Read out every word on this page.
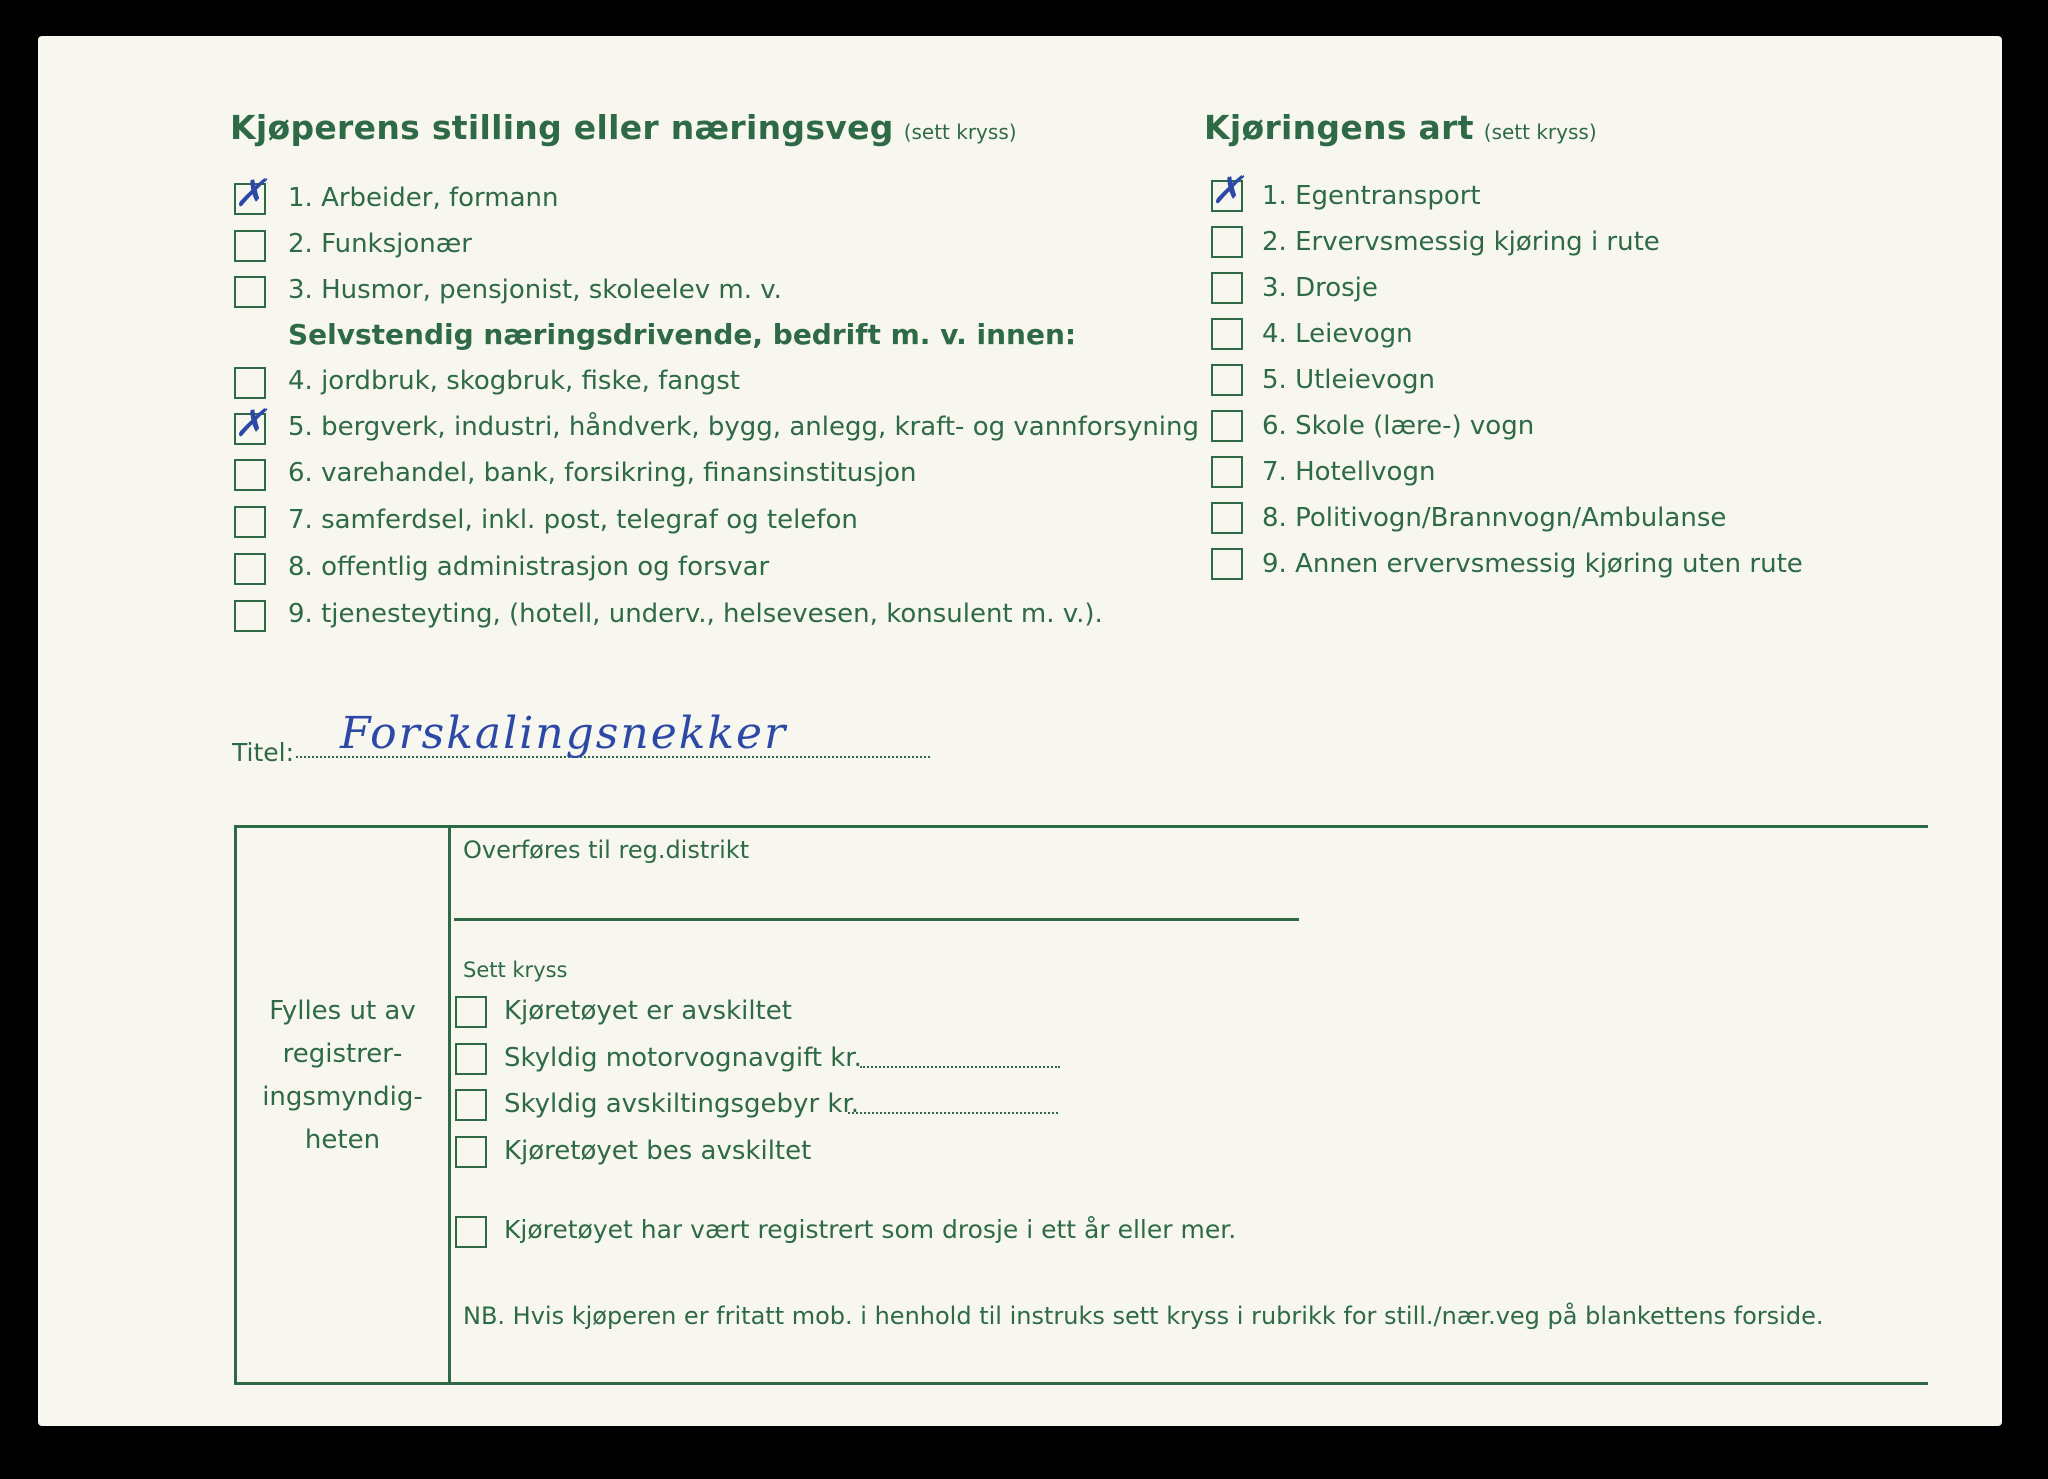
Kjøperens stilling eller næringsveg (sett kryss)
✗ 1. Arbeider, formann
2. Funksjonær
3. Husmor, pensjonist, skoleelev m. v.
Selvstendig næringsdrivende, bedrift m. v. innen:
4. jordbruk, skogbruk, fiske, fangst
✗ 5. bergverk, industri, håndverk, bygg, anlegg, kraft- og vannforsyning
6. varehandel, bank, forsikring, finansinstitusjon
7. samferdsel, inkl. post, telegraf og telefon
8. offentlig administrasjon og forsvar
9. tjenesteyting, (hotell, underv., helsevesen, konsulent m. v.).
Kjøringens art (sett kryss)
✗ 1. Egentransport
2. Ervervsmessig kjøring i rute
3. Drosje
4. Leievogn
5. Utleievogn
6. Skole (lære-) vogn
7. Hotellvogn
8. Politivogn/Brannvogn/Ambulanse
9. Annen ervervsmessig kjøring uten rute
Titel: Forskalingsnekker
Fylles ut av registreringsmyndigheten
Overføres til reg.distrikt
Sett kryss
Kjøretøyet er avskiltet
Skyldig motorvognavgift kr.
Skyldig avskiltingsgebyr kr.
Kjøretøyet bes avskiltet
Kjøretøyet har vært registrert som drosje i ett år eller mer.
NB. Hvis kjøperen er fritatt mob. i henhold til instruks sett kryss i rubrikk for still./nær.veg på blankettens forside.
